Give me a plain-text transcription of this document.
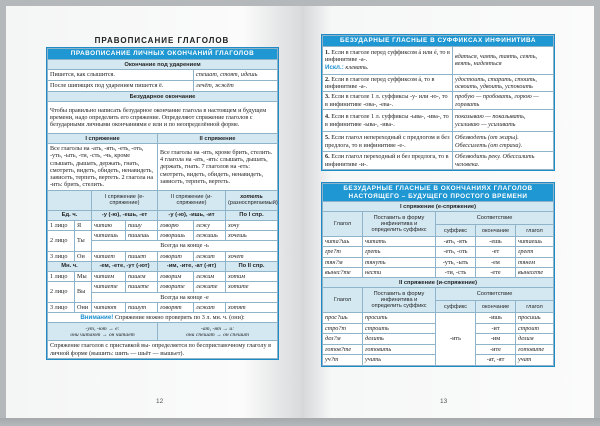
ПРАВОПИСАНИЕ ГЛАГОЛОВ
ПРАВОПИСАНИЕ ЛИЧНЫХ ОКОНЧАНИЙ ГЛАГОЛОВ						
Окончание под ударением						
Пишется, как слышится.					спешат, стоят, идешь	
После шипящих под ударением пишется ё.					лечёт, жжёт	
Безударное окончание						
Чтобы правильно написать безударное окончание глагола в настоящем и будущем времени, надо определить его спряжение. Определяют спряжение глаголов с безударными личными окончаниями е или и по неопределённой форме.						
I спряжение				II спряжение		
Все глаголы на -ать, -ять, -еть, -оть, -уть, -ыть, -ти, -сть, -чь, кроме слышать, дышать, держать, гнать, смотреть, видеть, обидеть, ненавидеть, зависеть, терпеть, вертеть. 2 глагола на -ить: брить, стелить.				Все глаголы на -ить, кроме брить, стелить. 4 глагола на -ать, -ять: слышать, дышать, держать, гнать. 7 глаголов на -еть: смотреть, видеть, обидеть, ненавидеть, зависеть, терпеть, вертеть.		
		I спряжение (е-спряжение)		II спряжение (и-спряжение)		хотеть
(разноспрягаемый)
Ед. ч.		-у (-ю), -ешь, -ет		-у (-ю), -ишь, -ит		По I спр.
1 лицо	Я	читаю	пишу	говорю	лежу	хочу
2 лицо	Ты	читаешь	пишешь	говоришь	лежишь	хочешь
		Всегда на конце -ь				
3 лицо	Он	читает	пишет	говорит	лежит	хочет
Мн. ч.		-ем, -ете, -ут (-ют)		-им, -ите, -ат (-ят)		По II спр.
1 лицо	Мы	читаем	пишем	говорим	лежим	хотим
2 лицо	Вы	читаете	пишете	говорите	лежите	хотите
		Всегда на конце -е				
3 лицо	Они	читают	пишут	говорят	лежат	хотят
Внимание! Спряжение можно проверить по 3 л. мн. ч. (они):						
-ут, -ют → е:
они читают → он читает				-ат, -ят → и:
они спешат → он спешит		
Спряжение глаголов с приставкой вы- определяется по бесприставочному глаголу в личной форме (вышить: шить — шьёт — вышьет).						
12
БЕЗУДАРНЫЕ ГЛАСНЫЕ В СУФФИКСАХ ИНФИНИТИВА	
1. Если в глаголе перед суффиксом á или é, то в инфинитиве -а-.
Искл.: клевать.	вдаться, чаять, таять, сеять, веять, надеяться
2. Если в глаголе перед суффиксом á, то в инфинитиве -а-.	удостоить, старить, стоить, освоить, удвоить, успокоить
3. Если в глаголе 1 л. суффиксы -у- или -ю-, то в инфинитиве -ова-, -ева-.	пробую — пробовать, горюю — горевать
4. Если в глаголе 1 л. суффиксы -ыва-, -ива-, то в инфинитиве -ыва-, -ива-.	показываю — показывать, усиливаю — усиливать
5. Если глагол непереходный с предлогом и без предлога, то в инфинитиве -е-.	Обезводеть (от жары). Обессилеть (от страха).
6. Если глагол переходный и без предлога, то в инфинитиве -и-.	Обезводить реку. Обессилить человека.
БЕЗУДАРНЫЕ ГЛАСНЫЕ В ОКОНЧАНИЯХ ГЛАГОЛОВ
НАСТОЯЩЕГО – БУДУЩЕГО ПРОСТОГО ВРЕМЕНИ				
I спряжение (е-спряжение)				
Глагол	Поставить в форму инфинитива и определить суффикс	Соответствие		
		суффикс	окончание	глагол
чита?шь	читать	-ать, -ять	-ешь	читаешь
гре?т	греть	-еть, -оть	-ет	греет
тян?м	тянуть	-уть, -ыть	-ем	тянем
вынес?те	нести	-ти, -сть	-ете	вынесете
II спряжение (и-спряжение)				
Глагол	Поставить в форму инфинитива и определить суффикс	Соответствие		
		суффикс	окончание	глагол
прос?шь	просить	-ить	-ишь	просишь
стро?т	строить		-ит	строит
дел?м	делить		-им	делим
готов?те	готовить		-ите	готовите
уч?т	учить		-ат, -ят	учат
13
